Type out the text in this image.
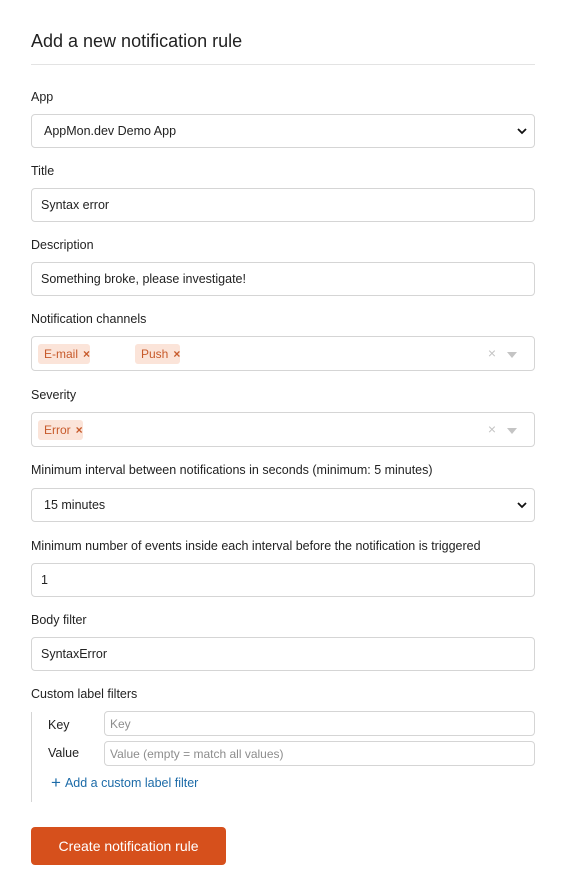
Add a new notification rule
App
AppMon.dev Demo App
Title
Syntax error
Description
Something broke, please investigate!
Notification channels
E-mail ×	Push ×	×
Severity
Error ×	×
Minimum interval between notifications in seconds (minimum: 5 minutes)
15 minutes
Minimum number of events inside each interval before the notification is triggered
1
Body filter
SyntaxError
Custom label filters
Key
Key
Value
Value (empty = match all values)
+ Add a custom label filter
Create notification rule
